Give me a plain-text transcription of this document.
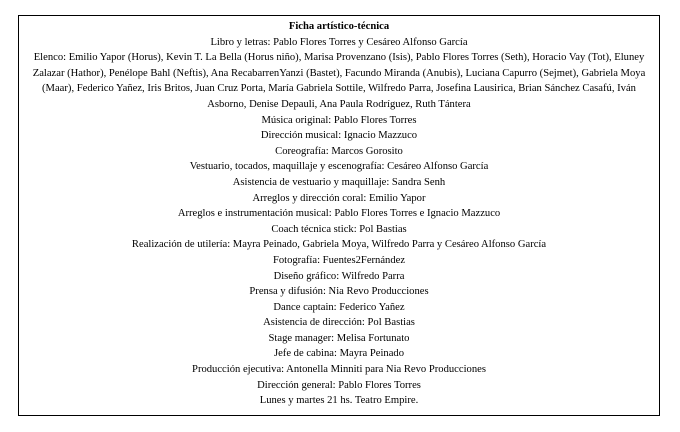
Ficha artístico-técnica
Libro y letras: Pablo Flores Torres y Cesáreo Alfonso García
Elenco: Emilio Yapor (Horus), Kevin T. La Bella (Horus niño), Marisa Provenzano (Isis), Pablo Flores Torres (Seth), Horacio Vay (Tot), Eluney Zalazar (Hathor), Penélope Bahl (Neftis), Ana RecabarrenYanzi (Bastet), Facundo Miranda (Anubis), Luciana Capurro (Sejmet), Gabriela Moya (Maar), Federico Yañez, Iris Britos, Juan Cruz Porta, María Gabriela Sottile, Wilfredo Parra, Josefina Lausirica, Brian Sánchez Casafú, Iván Asborno, Denise Depauli, Ana Paula Rodríguez, Ruth Tántera
Música original: Pablo Flores Torres
Dirección musical: Ignacio Mazzuco
Coreografía: Marcos Gorosito
Vestuario, tocados, maquillaje y escenografía: Cesáreo Alfonso García
Asistencia de vestuario y maquillaje: Sandra Senh
Arreglos y dirección coral: Emilio Yapor
Arreglos e instrumentación musical: Pablo Flores Torres e Ignacio Mazzuco
Coach técnica stick: Pol Bastias
Realización de utilería: Mayra Peinado, Gabriela Moya, Wilfredo Parra y Cesáreo Alfonso García
Fotografía: Fuentes2Fernández
Diseño gráfico: Wilfredo Parra
Prensa y difusión: Nia Revo Producciones
Dance captain: Federico Yañez
Asistencia de dirección: Pol Bastias
Stage manager: Melisa Fortunato
Jefe de cabina: Mayra Peinado
Producción ejecutiva: Antonella Minniti para Nia Revo Producciones
Dirección general: Pablo Flores Torres
Lunes y martes 21 hs. Teatro Empire.
